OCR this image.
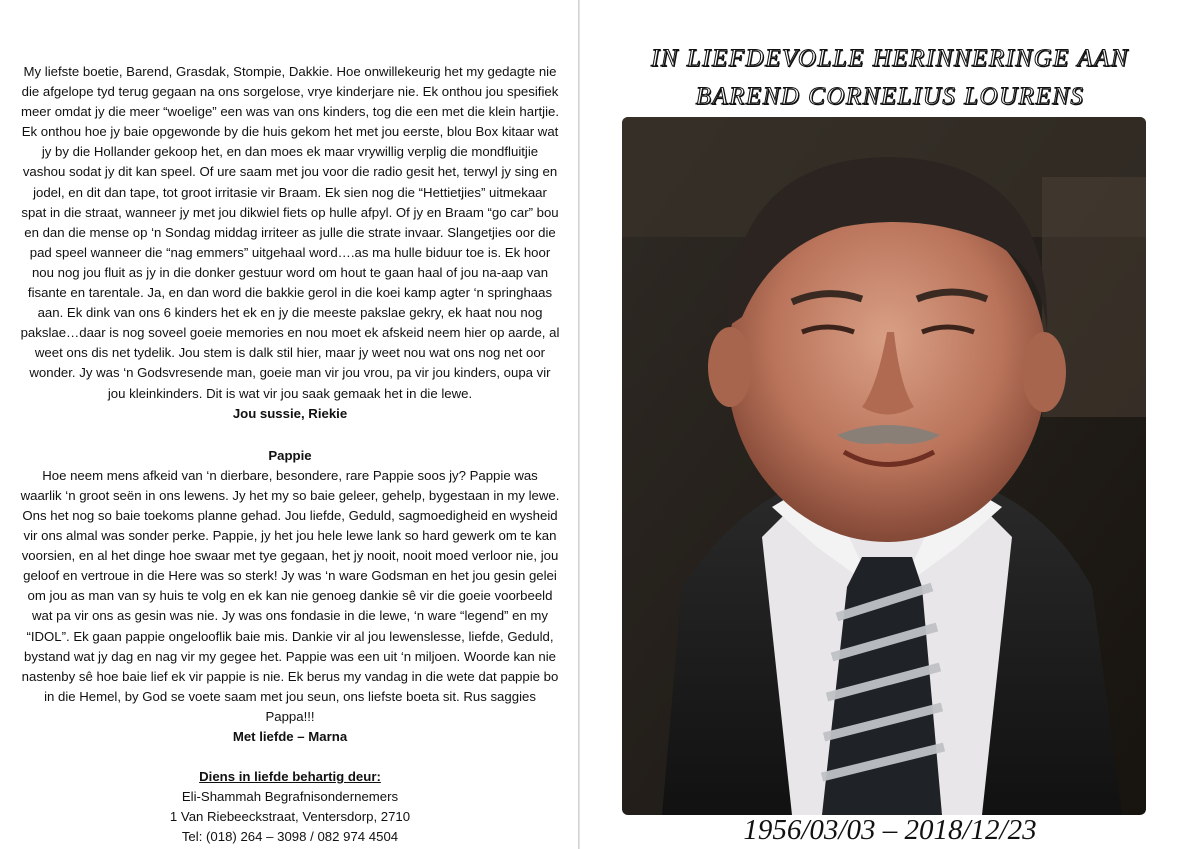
My liefste boetie, Barend, Grasdak, Stompie, Dakkie. Hoe onwillekeurig het my gedagte nie die afgelope tyd terug gegaan na ons sorgelose, vrye kinderjare nie. Ek onthou jou spesifiek meer omdat jy die meer “woelige” een was van ons kinders, tog die een met die klein hartjie. Ek onthou hoe jy baie opgewonde by die huis gekom het met jou eerste, blou Box kitaar wat jy by die Hollander gekoop het, en dan moes ek maar vrywillig verplig die mondfluitjie vashou sodat jy dit kan speel. Of ure saam met jou voor die radio gesit het, terwyl jy sing en jodel, en dit dan tape, tot groot irritasie vir Braam. Ek sien nog die “Hettietjies” uitmekaar spat in die straat, wanneer jy met jou dikwiel fiets op hulle afpyl. Of jy en Braam “go car” bou en dan die mense op ‘n Sondag middag irriteer as julle die strate invaar. Slangetjies oor die pad speel wanneer die “nag emmers” uitgehaal word….as ma hulle biduur toe is. Ek hoor nou nog jou fluit as jy in die donker gestuur word om hout te gaan haal of jou na-aap van fisante en tarentale. Ja, en dan word die bakkie gerol in die koei kamp agter ‘n springhaas aan. Ek dink van ons 6 kinders het ek en jy die meeste pakslae gekry, ek haat nou nog pakslae…daar is nog soveel goeie memories en nou moet ek afskeid neem hier op aarde, al weet ons dis net tydelik. Jou stem is dalk stil hier, maar jy weet nou wat ons nog net oor wonder. Jy was ‘n Godsvresende man, goeie man vir jou vrou, pa vir jou kinders, oupa vir jou kleinkinders. Dit is wat vir jou saak gemaak het in die lewe.

Jou sussie, Riekie

Pappie

Hoe neem mens afkeid van ‘n dierbare, besondere, rare Pappie soos jy? Pappie was waarlik ‘n groot seën in ons lewens. Jy het my so baie geleer, gehelp, bygestaan in my lewe. Ons het nog so baie toekoms planne gehad. Jou liefde, Geduld, sagmoedigheid en wysheid vir ons almal was sonder perke. Pappie, jy het jou hele lewe lank so hard gewerk om te kan voorsien, en al het dinge hoe swaar met tye gegaan, het jy nooit, nooit moed verloor nie, jou geloof en vertroue in die Here was so sterk! Jy was ‘n ware Godsman en het jou gesin gelei om jou as man van sy huis te volg en ek kan nie genoeg dankie sê vir die goeie voorbeeld wat pa vir ons as gesin was nie. Jy was ons fondasie in die lewe, ‘n ware “legend” en my “IDOL”. Ek gaan pappie ongelooflik baie mis. Dankie vir al jou lewenslesse, liefde, Geduld, bystand wat jy dag en nag vir my gegee het. Pappie was een uit ‘n miljoen. Woorde kan nie nastenby sê hoe baie lief ek vir pappie is nie. Ek berus my vandag in die wete dat pappie bo in die Hemel, by God se voete saam met jou seun, ons liefste boeta sit. Rus saggies Pappa!!!

Met liefde – Marna

Diens in liefde behartig deur:

Eli-Shammah Begrafnisondernemers

1 Van Riebeeckstraat, Ventersdorp, 2710

Tel: (018) 264 – 3098 / 082 974 4504

IN LIEFDEVOLLE HERINNERINGE AAN
BAREND CORNELIUS LOURENS
1956/03/03 – 2018/12/23
